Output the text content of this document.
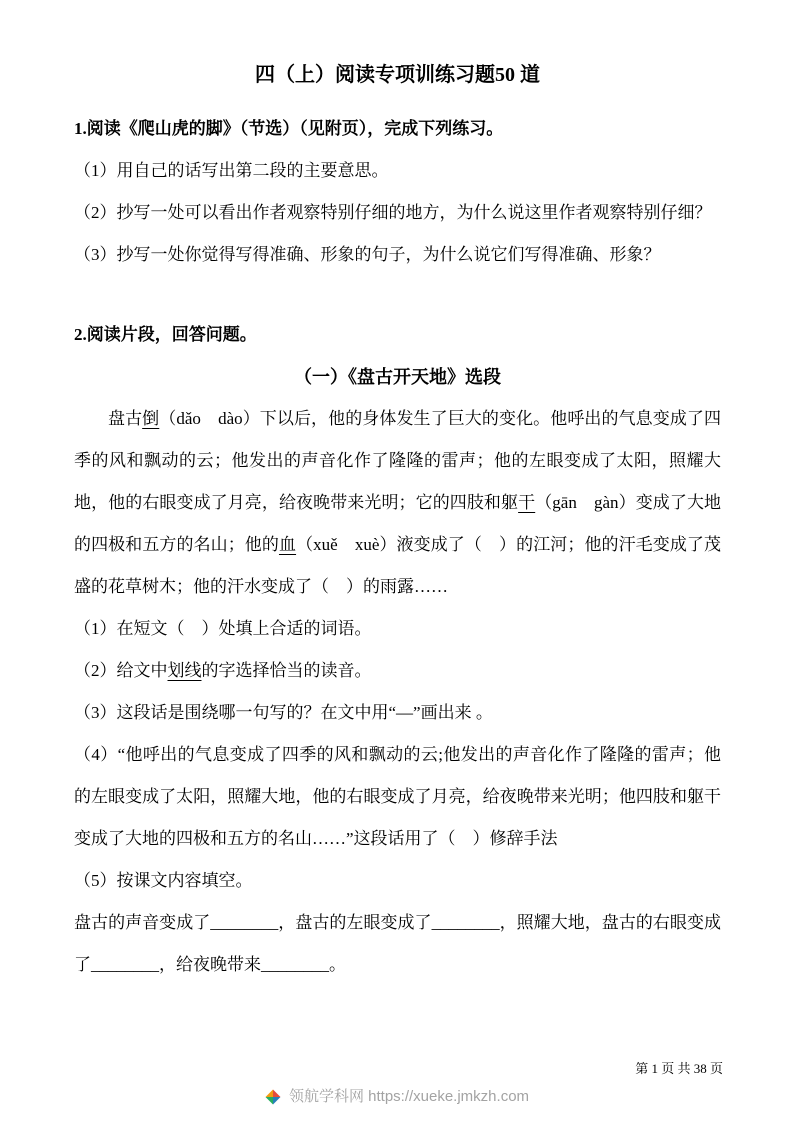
四（上）阅读专项训练习题50 道

1.阅读《爬山虎的脚》（节选）（见附页），完成下列练习。

（1）用自己的话写出第二段的主要意思。

（2）抄写一处可以看出作者观察特别仔细的地方，为什么说这里作者观察特别仔细？

（3）抄写一处你觉得写得准确、形象的句子，为什么说它们写得准确、形象？

2.阅读片段，回答问题。

（一）《盘古开天地》选段

盘古倒（dǎo　dào）下以后，他的身体发生了巨大的变化。他呼出的气息变成了四季的风和飘动的云；他发出的声音化作了隆隆的雷声；他的左眼变成了太阳，照耀大地，他的右眼变成了月亮，给夜晚带来光明；它的四肢和躯干（gān　gàn）变成了大地的四极和五方的名山；他的血（xuě　xuè）液变成了（　）的江河；他的汗毛变成了茂盛的花草树木；他的汗水变成了（　）的雨露……

（1）在短文（　）处填上合适的词语。

（2）给文中划线的字选择恰当的读音。

（3）这段话是围绕哪一句写的？在文中用“—”画出来 。

（4）“他呼出的气息变成了四季的风和飘动的云;他发出的声音化作了隆隆的雷声；他的左眼变成了太阳，照耀大地，他的右眼变成了月亮，给夜晚带来光明；他四肢和躯干变成了大地的四极和五方的名山……”这段话用了（　）修辞手法

（5）按课文内容填空。

盘古的声音变成了________，盘古的左眼变成了________，照耀大地，盘古的右眼变成了________，给夜晚带来________。

第 1 页 共 38 页
领航学科网 https://xueke.jmkzh.com
